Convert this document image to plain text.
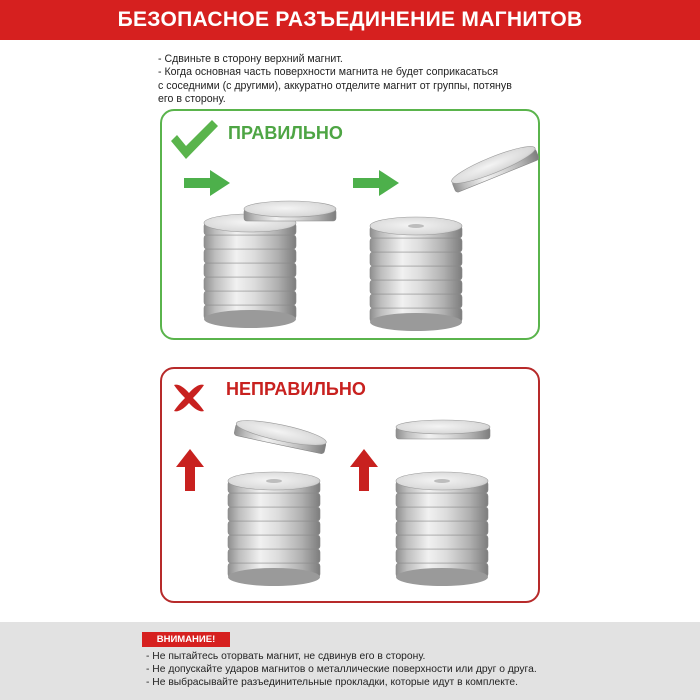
БЕЗОПАСНОЕ РАЗЪЕДИНЕНИЕ МАГНИТОВ
- Сдвиньте в сторону верхний магнит.
- Когда основная часть поверхности магнита не будет соприкасаться
с соседними (с другими), аккуратно отделите магнит от группы, потянув
его в сторону.
ПРАВИЛЬНО
НЕПРАВИЛЬНО
ВНИМАНИЕ!
- Не пытайтесь оторвать магнит, не сдвинув его в сторону.
- Не допускайте ударов магнитов о металлические поверхности или друг о друга.
- Не выбрасывайте разъединительные прокладки, которые идут в комплекте.
